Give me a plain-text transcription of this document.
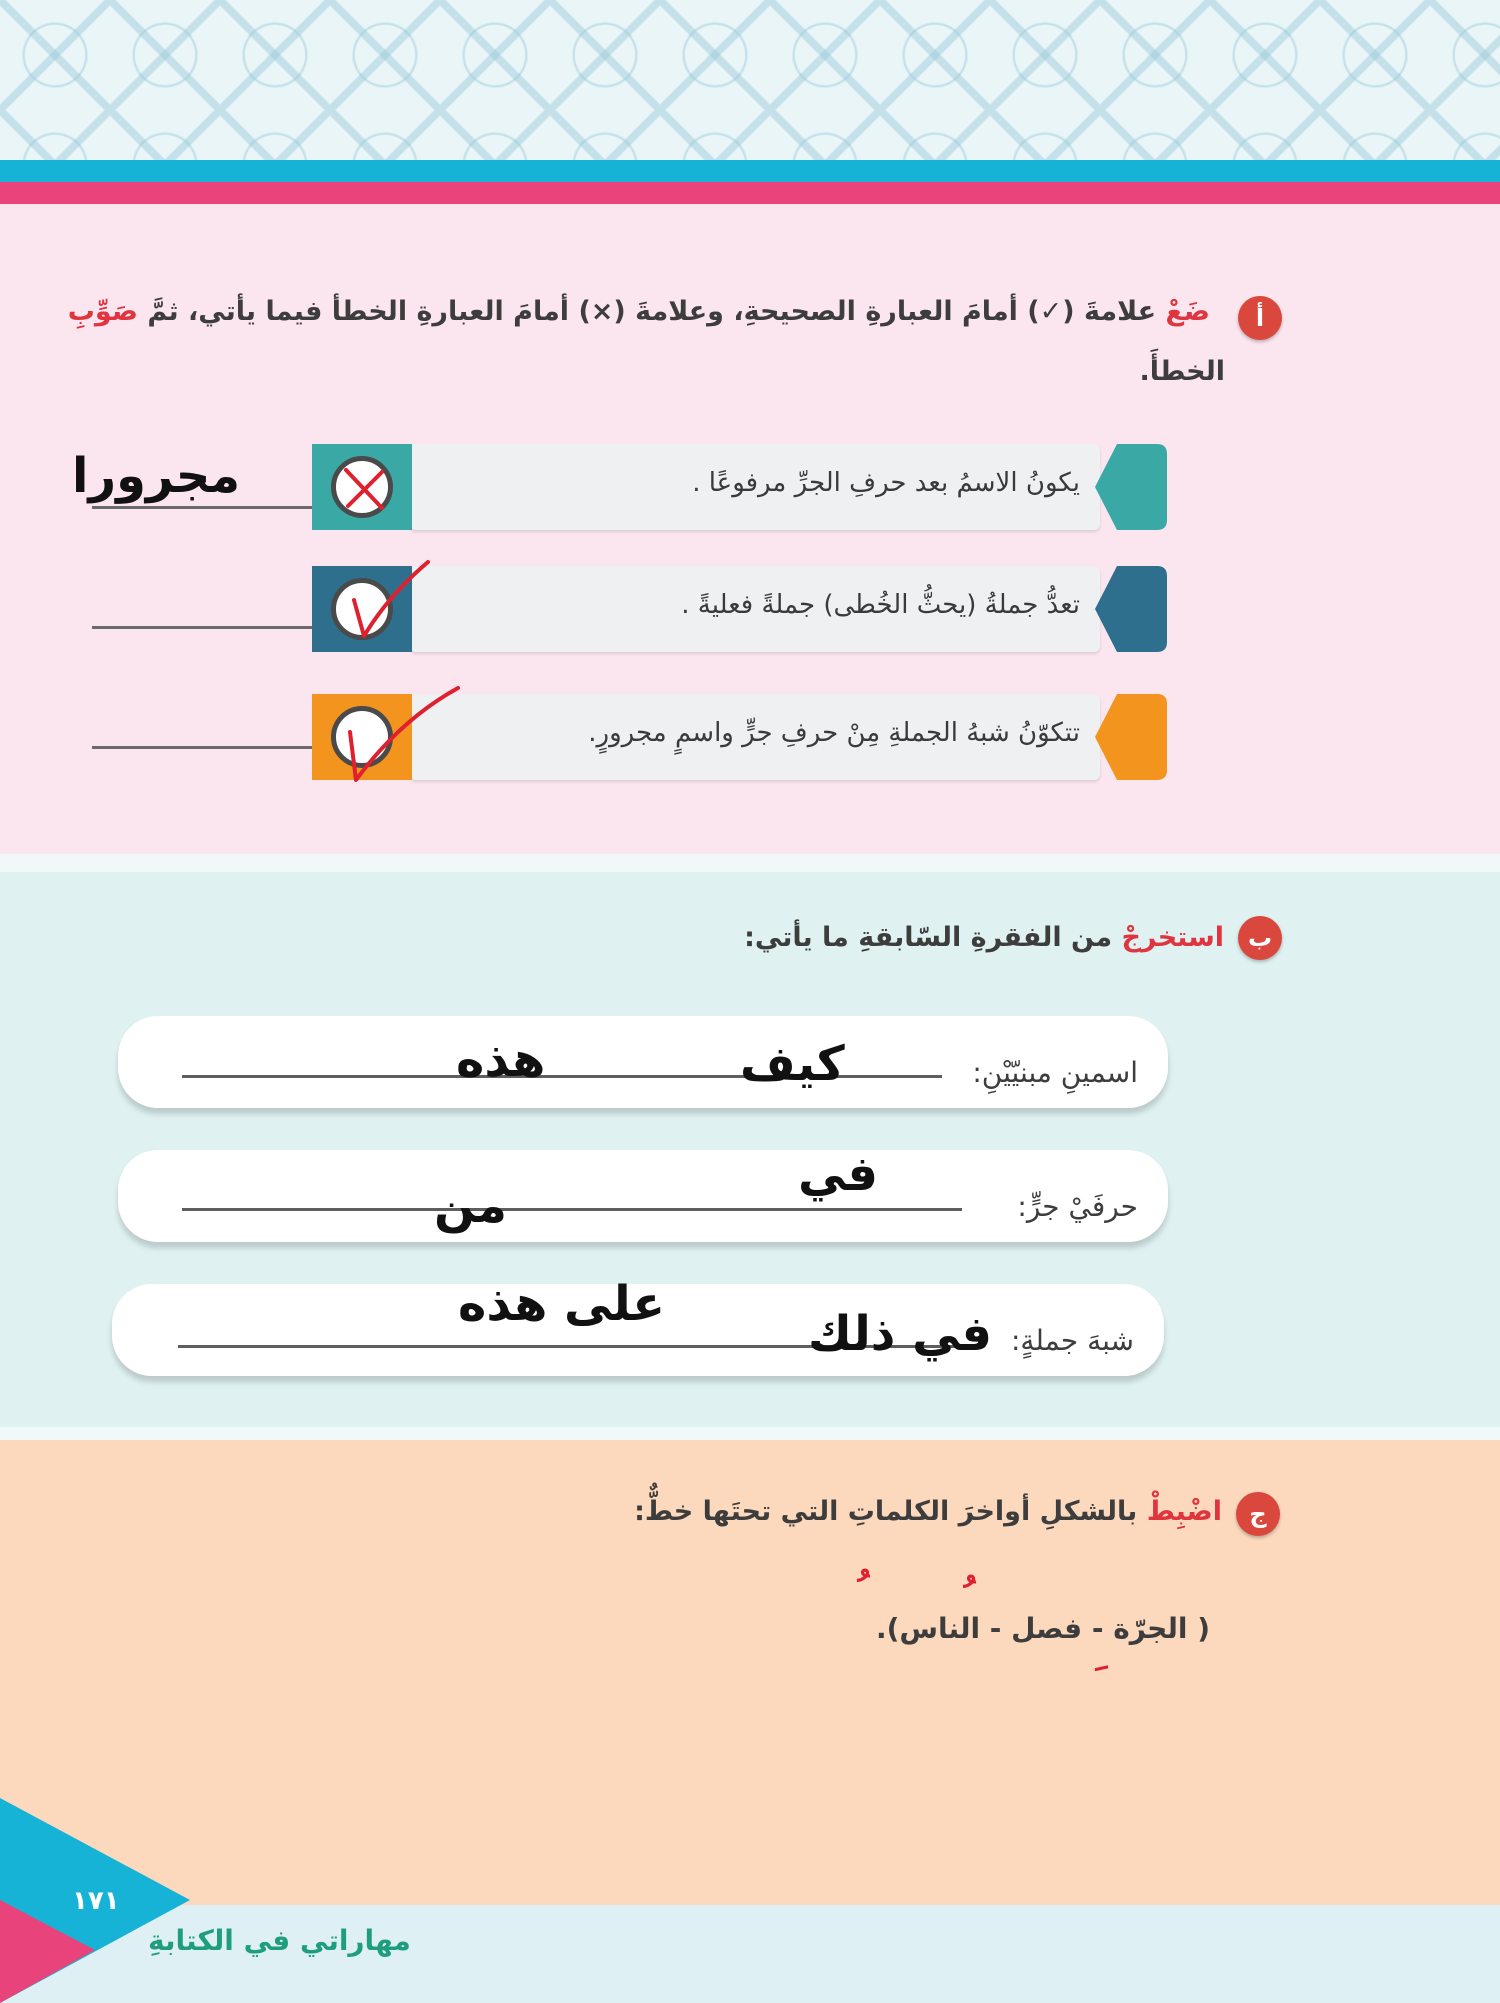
أ
ضَعْ علامةَ (✓) أمامَ العبارةِ الصحيحةِ، وعلامةَ (×) أمامَ العبارةِ الخطأ فيما يأتي، ثمَّ صَوِّبِ
الخطأَ.
يكونُ الاسمُ بعد حرفِ الجرِّ مرفوعًا .
مجرورا
تعدُّ جملةُ (يحثُّ الخُطى) جملةً فعليةً .
تتكوّنُ شبهُ الجملةِ مِنْ حرفِ جرٍّ واسمٍ مجرورٍ.
ب
استخرجْ من الفقرةِ السّابقةِ ما يأتي:
اسمينِ مبنيّيْنِ:
كيف
هذه
حرفَيْ جرٍّ:
في
من
شبهَ جملةٍ:
في ذلك
على هذه
ج
اضْبِطْ بالشكلِ أواخرَ الكلماتِ التي تحتَها خطٌّ:
( الجرّة - فصل - الناس).
١٧١
مهاراتي في الكتابةِ
